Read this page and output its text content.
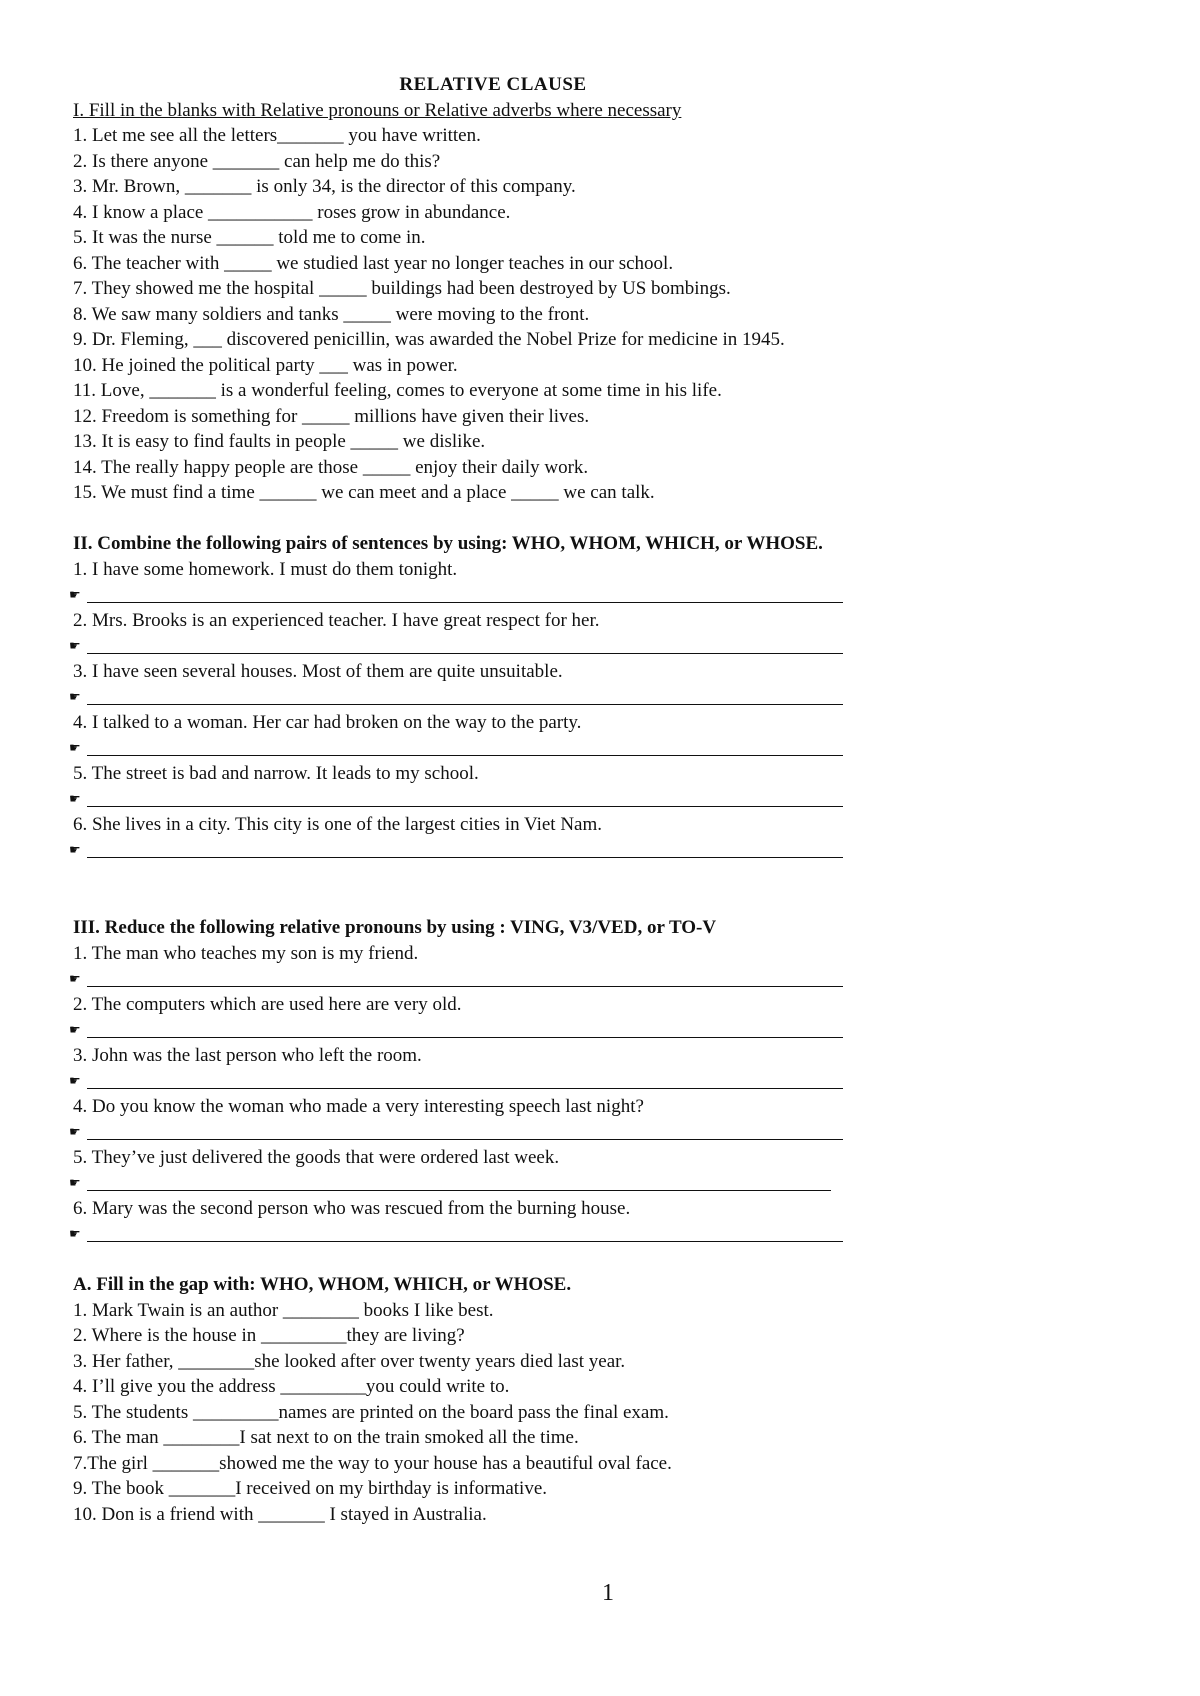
RELATIVE CLAUSE
I. Fill in the blanks with Relative pronouns or Relative adverbs where necessary
1. Let me see all the letters_______ you have written.
2. Is there anyone _______ can help me do this?
3. Mr. Brown, _______ is only 34, is the director of this company.
4. I know a place ___________ roses grow in abundance.
5. It was the nurse ______ told me to come in.
6. The teacher with _____ we studied last year no longer teaches in our school.
7. They showed me the hospital _____ buildings had been destroyed by US bombings.
8. We saw many soldiers and tanks _____ were moving to the front.
9. Dr. Fleming, ___ discovered penicillin, was awarded the Nobel Prize for medicine in 1945.
10. He joined the political party ___ was in power.
11. Love, _______ is a wonderful feeling, comes to everyone at some time in his life.
12. Freedom is something for _____ millions have given their lives.
13. It is easy to find faults in people _____ we dislike.
14. The really happy people are those _____ enjoy their daily work.
15. We must find a time ______ we can meet and a place _____ we can talk.
II. Combine the following pairs of sentences by using: WHO, WHOM, WHICH, or WHOSE.
1. I have some homework. I must do them tonight.
☛
2. Mrs. Brooks is an experienced teacher. I have great respect for her.
☛
3. I have seen several houses. Most of them are quite unsuitable.
☛
4. I talked to a woman. Her car had broken on the way to the party.
☛
5. The street is bad and narrow. It leads to my school.
☛
6. She lives in a city. This city is one of the largest cities in Viet Nam.
☛
III. Reduce the following relative pronouns by using : VING, V3/VED, or TO-V
1. The man who teaches my son is my friend.
☛
2. The computers which are used here are very old.
☛
3. John was the last person who left the room.
☛
4. Do you know the woman who made a very interesting speech last night?
☛
5. They’ve just delivered the goods that were ordered last week.
☛
6. Mary was the second person who was rescued from the burning house.
☛
A. Fill in the gap with: WHO, WHOM, WHICH, or WHOSE.
1. Mark Twain is an author ________ books I like best.
2. Where is the house in _________they are living?
3. Her father, ________she looked after over twenty years died last year.
4. I’ll give you the address _________you could write to.
5. The students _________names are printed on the board pass the final exam.
6. The man ________I sat next to on the train smoked all the time.
7.The girl _______showed me the way to your house has a beautiful oval face.
9. The book _______I received on my birthday is informative.
10. Don is a friend with _______ I stayed in Australia.
1
